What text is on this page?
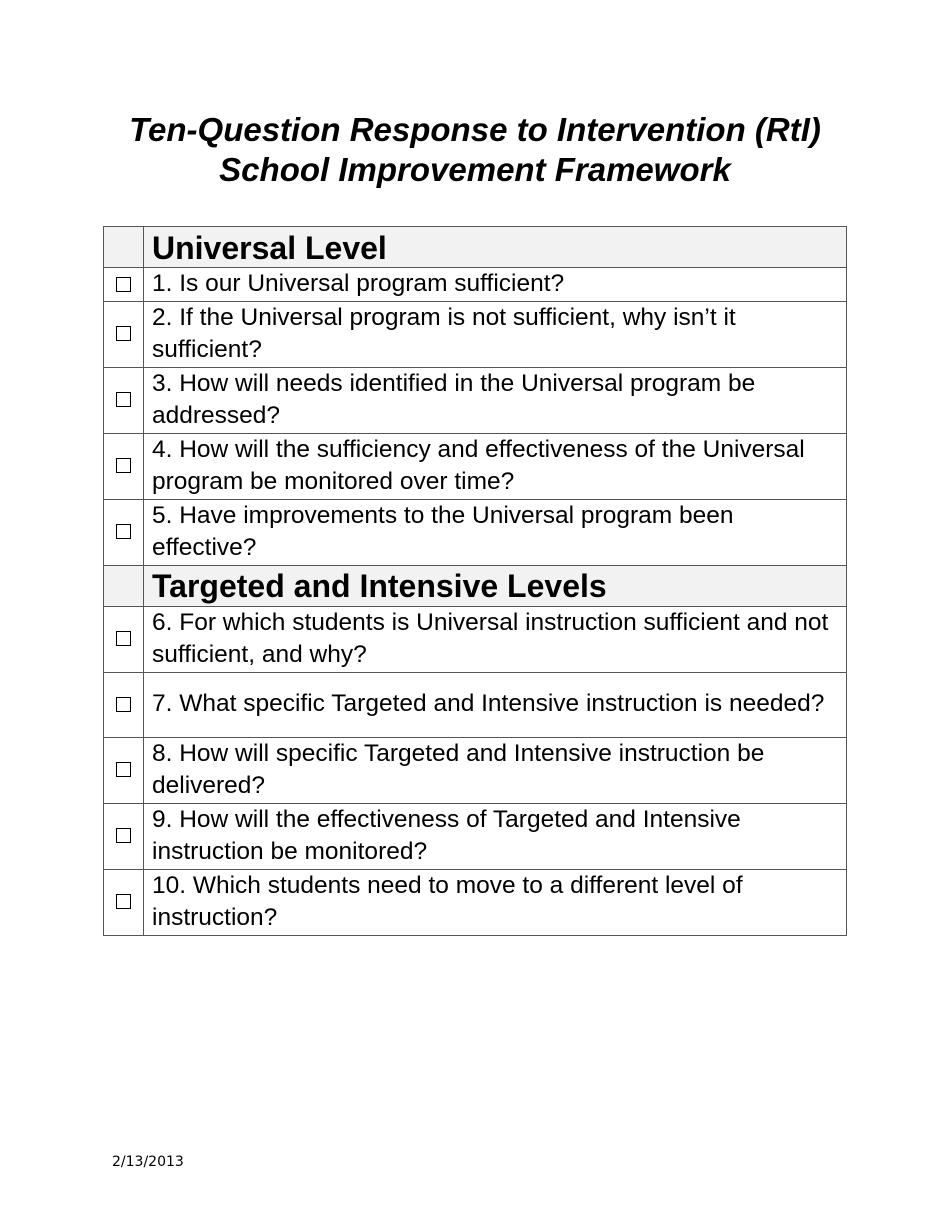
Ten-Question Response to Intervention (RtI)
School Improvement Framework
	Universal Level
	1. Is our Universal program sufficient?
	2. If the Universal program is not sufficient, why isn’t it sufficient?
	3. How will needs identified in the Universal program be addressed?
	4. How will the sufficiency and effectiveness of the Universal program be monitored over time?
	5. Have improvements to the Universal program been effective?
	Targeted and Intensive Levels
	6. For which students is Universal instruction sufficient and not sufficient, and why?
	7. What specific Targeted and Intensive instruction is needed?
	8. How will specific Targeted and Intensive instruction be delivered?
	9. How will the effectiveness of Targeted and Intensive instruction be monitored?
	10. Which students need to move to a different level of instruction?
2/13/2013
